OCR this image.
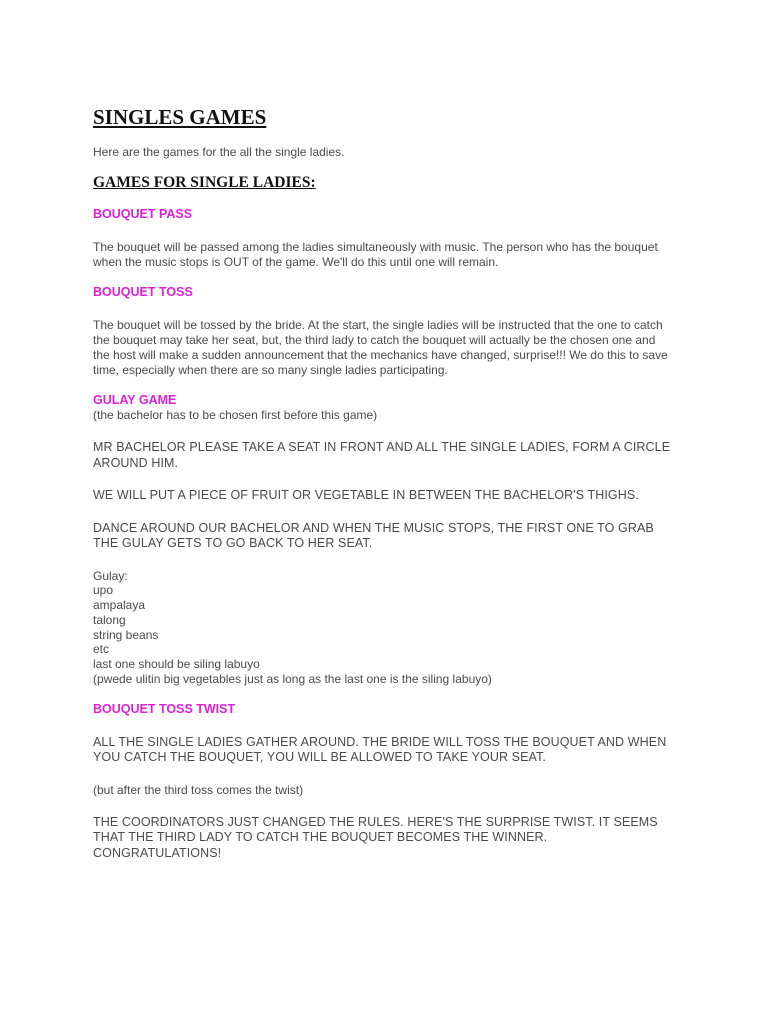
SINGLES GAMES

Here are the games for the all the single ladies.

GAMES FOR SINGLE LADIES:
BOUQUET PASS

The bouquet will be passed among the ladies simultaneously with music. The person who has the bouquet when the music stops is OUT of the game. We'll do this until one will remain.

BOUQUET TOSS

The bouquet will be tossed by the bride. At the start, the single ladies will be instructed that the one to catch the bouquet may take her seat, but, the third lady to catch the bouquet will actually be the chosen one and the host will make a sudden announcement that the mechanics have changed, surprise!!! We do this to save time, especially when there are so many single ladies participating.

GULAY GAME

(the bachelor has to be chosen first before this game)

MR BACHELOR PLEASE TAKE A SEAT IN FRONT AND ALL THE SINGLE LADIES, FORM A CIRCLE AROUND HIM.

WE WILL PUT A PIECE OF FRUIT OR VEGETABLE IN BETWEEN THE BACHELOR'S THIGHS.

DANCE AROUND OUR BACHELOR AND WHEN THE MUSIC STOPS, THE FIRST ONE TO GRAB THE GULAY GETS TO GO BACK TO HER SEAT.

Gulay:
upo
ampalaya
talong
string beans
etc
last one should be siling labuyo
(pwede ulitin big vegetables just as long as the last one is the siling labuyo)
BOUQUET TOSS TWIST

ALL THE SINGLE LADIES GATHER AROUND. THE BRIDE WILL TOSS THE BOUQUET AND WHEN YOU CATCH THE BOUQUET, YOU WILL BE ALLOWED TO TAKE YOUR SEAT.

(but after the third toss comes the twist)

THE COORDINATORS JUST CHANGED THE RULES. HERE'S THE SURPRISE TWIST. IT SEEMS THAT THE THIRD LADY TO CATCH THE BOUQUET BECOMES THE WINNER. CONGRATULATIONS!
